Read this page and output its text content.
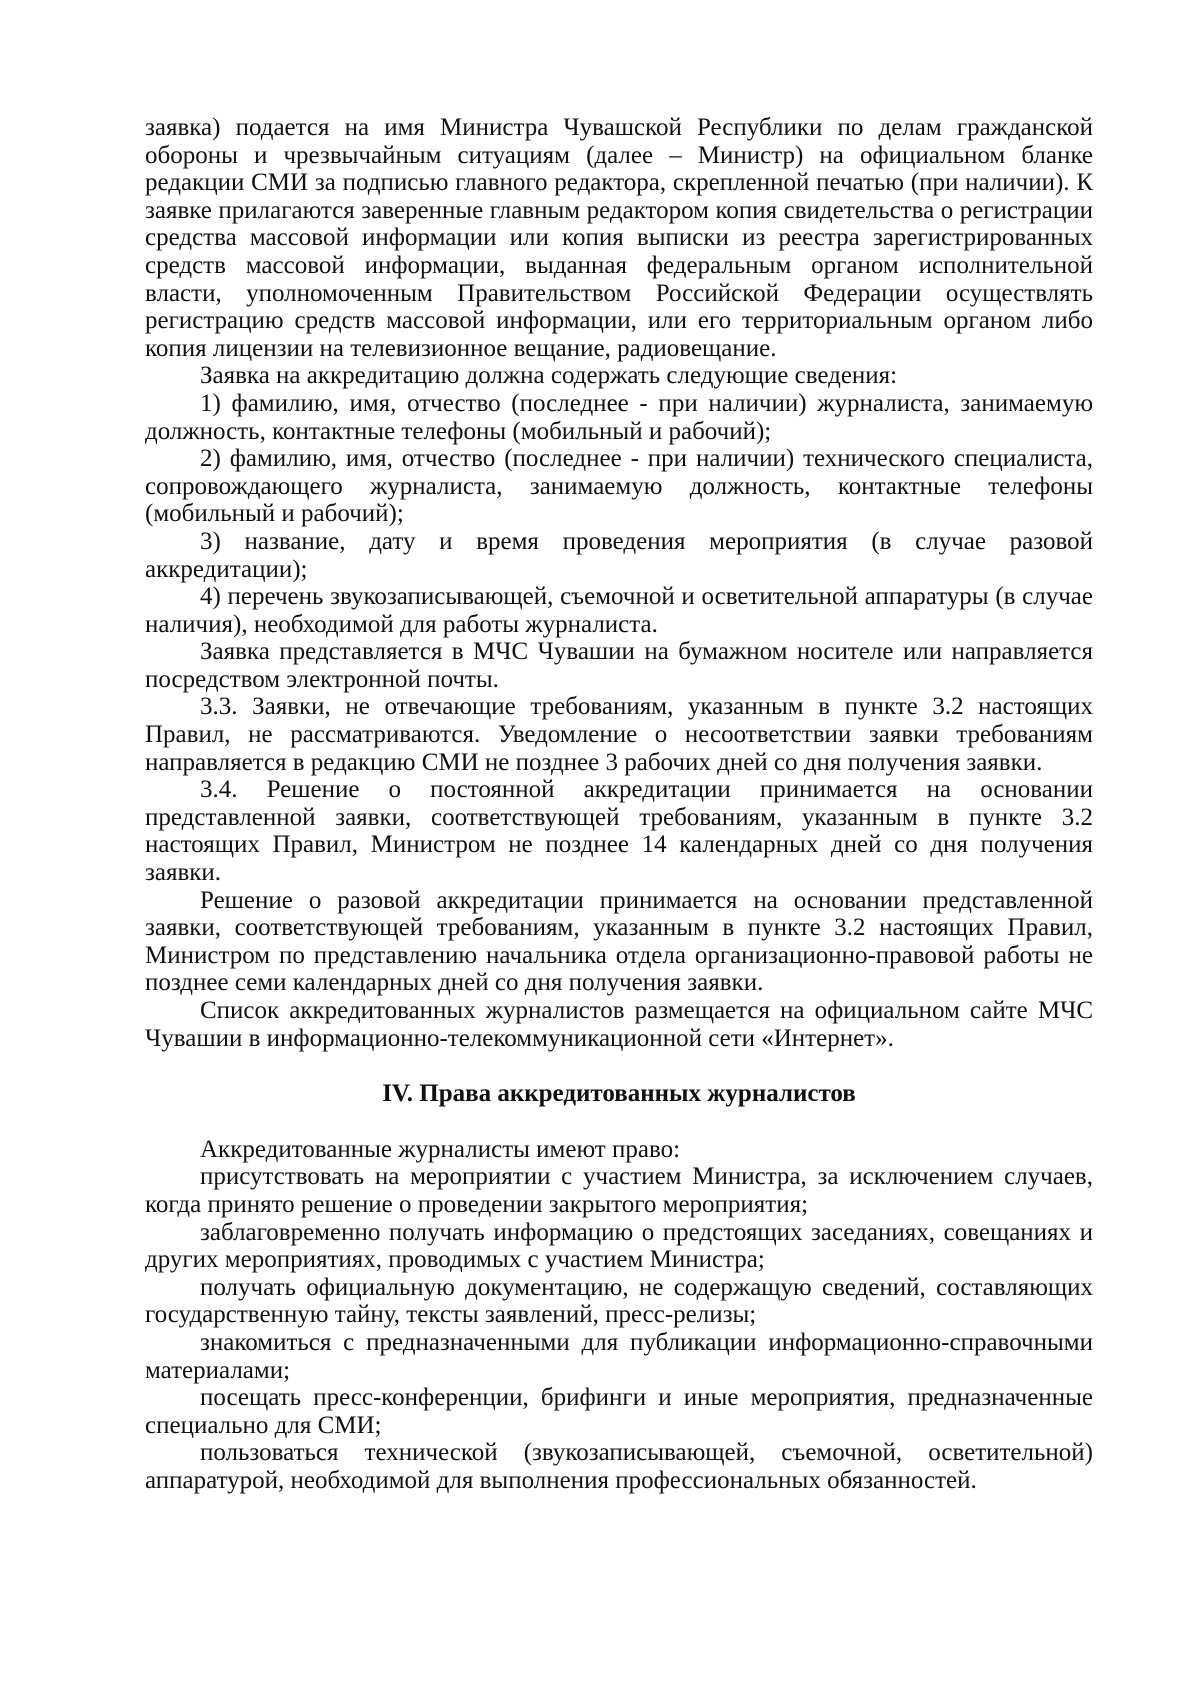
заявка) подается на имя Министра Чувашской Республики по делам гражданской обороны и чрезвычайным ситуациям (далее – Министр) на официальном бланке редакции СМИ за подписью главного редактора, скрепленной печатью (при наличии). К заявке прилагаются заверенные главным редактором копия свидетельства о регистрации средства массовой информации или копия выписки из реестра зарегистрированных средств массовой информации, выданная федеральным органом исполнительной власти, уполномоченным Правительством Российской Федерации осуществлять регистрацию средств массовой информации, или его территориальным органом либо копия лицензии на телевизионное вещание, радиовещание.

Заявка на аккредитацию должна содержать следующие сведения:

1) фамилию, имя, отчество (последнее - при наличии) журналиста, занимаемую должность, контактные телефоны (мобильный и рабочий);

2) фамилию, имя, отчество (последнее - при наличии) технического специалиста, сопровождающего журналиста, занимаемую должность, контактные телефоны (мобильный и рабочий);

3) название, дату и время проведения мероприятия (в случае разовой аккредитации);

4) перечень звукозаписывающей, съемочной и осветительной аппаратуры (в случае наличия), необходимой для работы журналиста.

Заявка представляется в МЧС Чувашии на бумажном носителе или направляется посредством электронной почты.

3.3. Заявки, не отвечающие требованиям, указанным в пункте 3.2 настоящих Правил, не рассматриваются. Уведомление о несоответствии заявки требованиям направляется в редакцию СМИ не позднее 3 рабочих дней со дня получения заявки.

3.4. Решение о постоянной аккредитации принимается на основании представленной заявки, соответствующей требованиям, указанным в пункте 3.2 настоящих Правил, Министром не позднее 14 календарных дней со дня получения заявки.

Решение о разовой аккредитации принимается на основании представленной заявки, соответствующей требованиям, указанным в пункте 3.2 настоящих Правил, Министром по представлению начальника отдела организационно-правовой работы не позднее семи календарных дней со дня получения заявки.

Список аккредитованных журналистов размещается на официальном сайте МЧС Чувашии в информационно-телекоммуникационной сети «Интернет».

IV. Права аккредитованных журналистов

Аккредитованные журналисты имеют право:

присутствовать на мероприятии с участием Министра, за исключением случаев, когда принято решение о проведении закрытого мероприятия;

заблаговременно получать информацию о предстоящих заседаниях, совещаниях и других мероприятиях, проводимых с участием Министра;

получать официальную документацию, не содержащую сведений, составляющих государственную тайну, тексты заявлений, пресс-релизы;

знакомиться с предназначенными для публикации информационно-справочными материалами;

посещать пресс-конференции, брифинги и иные мероприятия, предназначенные специально для СМИ;

пользоваться технической (звукозаписывающей, съемочной, осветительной) аппаратурой, необходимой для выполнения профессиональных обязанностей.
